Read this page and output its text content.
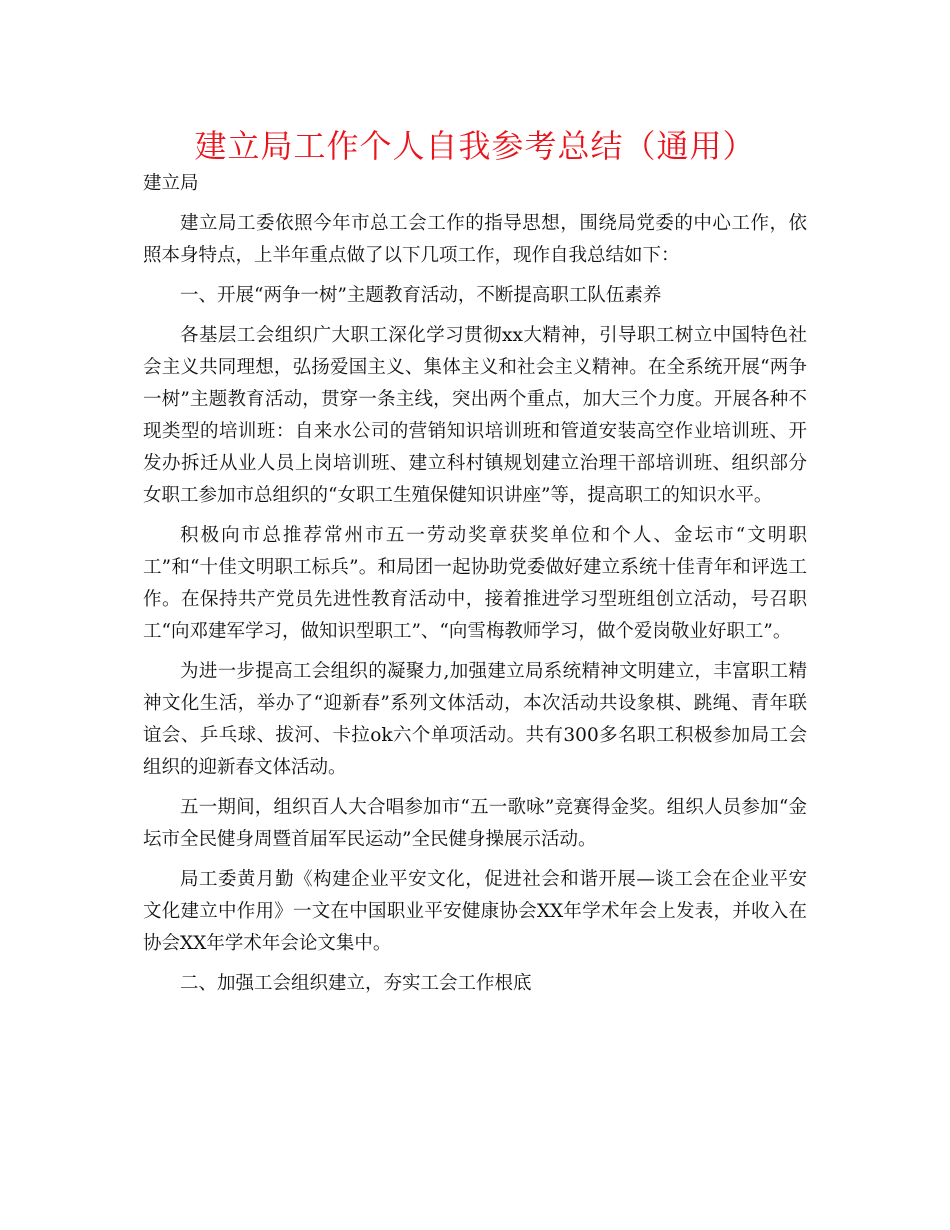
建立局工作个人自我参考总结（通用）

建立局

建立局工委依照今年市总工会工作的指导思想，围绕局党委的中心工作，依照本身特点，上半年重点做了以下几项工作，现作自我总结如下：

一、开展“两争一树”主题教育活动，不断提高职工队伍素养

各基层工会组织广大职工深化学习贯彻xx大精神，引导职工树立中国特色社会主义共同理想，弘扬爱国主义、集体主义和社会主义精神。在全系统开展“两争一树”主题教育活动，贯穿一条主线，突出两个重点，加大三个力度。开展各种不现类型的培训班：自来水公司的营销知识培训班和管道安装高空作业培训班、开发办拆迁从业人员上岗培训班、建立科村镇规划建立治理干部培训班、组织部分女职工参加市总组织的“女职工生殖保健知识讲座”等，提高职工的知识水平。

积极向市总推荐常州市五一劳动奖章获奖单位和个人、金坛市“文明职工”和“十佳文明职工标兵”。和局团一起协助党委做好建立系统十佳青年和评选工作。在保持共产党员先进性教育活动中，接着推进学习型班组创立活动，号召职工“向邓建军学习，做知识型职工”、“向雪梅教师学习，做个爱岗敬业好职工”。

为进一步提高工会组织的凝聚力,加强建立局系统精神文明建立，丰富职工精神文化生活，举办了“迎新春”系列文体活动，本次活动共设象棋、跳绳、青年联谊会、乒乓球、拔河、卡拉ok六个单项活动。共有300多名职工积极参加局工会组织的迎新春文体活动。

五一期间，组织百人大合唱参加市“五一歌咏”竞赛得金奖。组织人员参加“金坛市全民健身周暨首届军民运动”全民健身操展示活动。

局工委黄月勤《构建企业平安文化，促进社会和谐开展—谈工会在企业平安文化建立中作用》一文在中国职业平安健康协会XX年学术年会上发表，并收入在协会XX年学术年会论文集中。

二、加强工会组织建立，夯实工会工作根底
